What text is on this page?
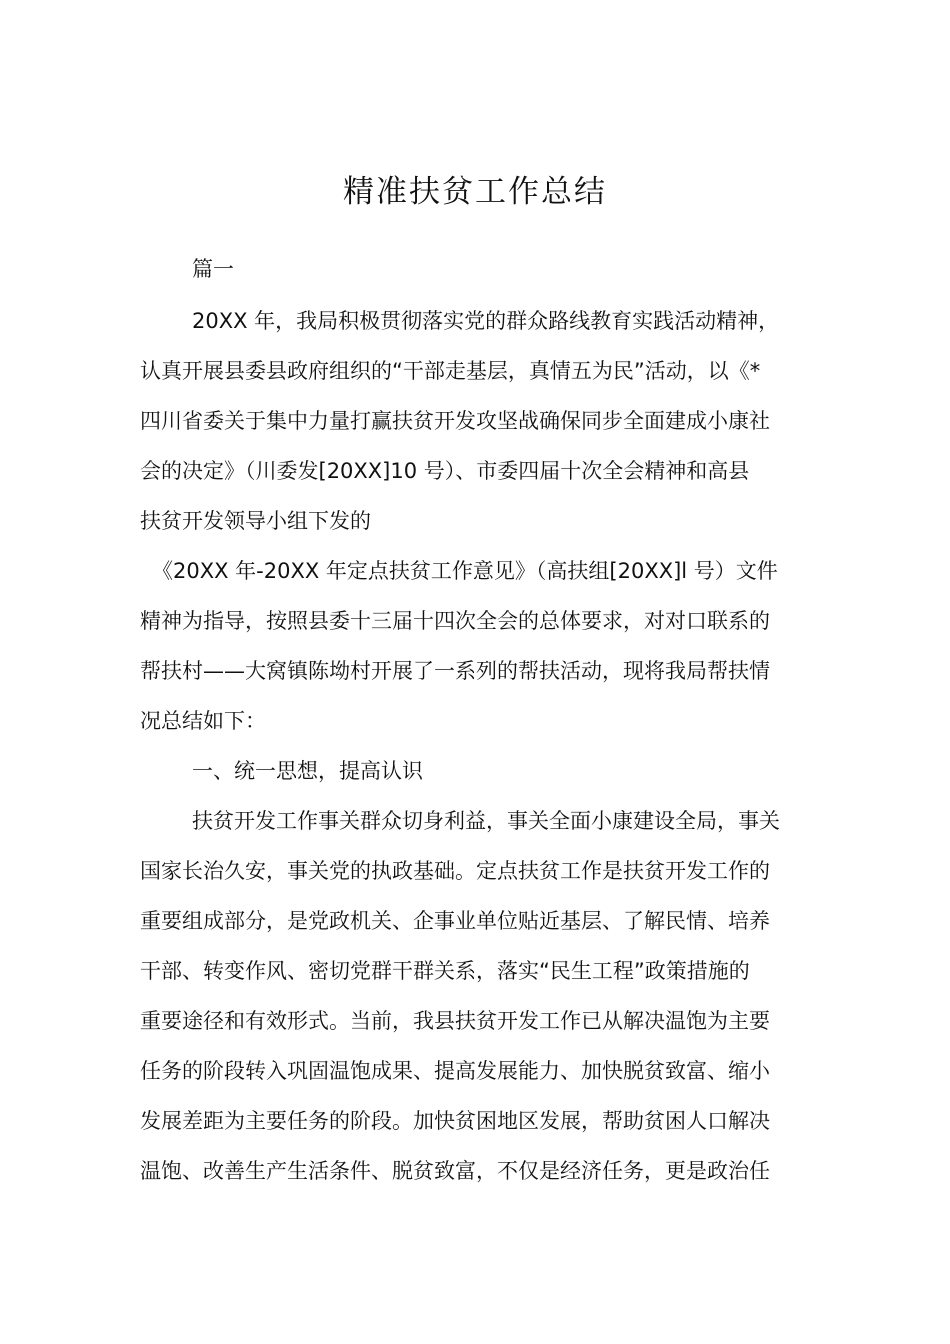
精准扶贫工作总结
篇一
20XX 年，我局积极贯彻落实党的群众路线教育实践活动精神，
认真开展县委县政府组织的“干部走基层，真情五为民”活动，以《*
四川省委关于集中力量打赢扶贫开发攻坚战确保同步全面建成小康社
会的决定》（川委发[20XX]10 号）、市委四届十次全会精神和高县
扶贫开发领导小组下发的
《20XX 年-20XX 年定点扶贫工作意见》（高扶组[20XX]l 号）文件
精神为指导，按照县委十三届十四次全会的总体要求，对对口联系的
帮扶村——大窝镇陈坳村开展了一系列的帮扶活动，现将我局帮扶情
况总结如下：
一、统一思想，提高认识
扶贫开发工作事关群众切身利益，事关全面小康建设全局，事关
国家长治久安，事关党的执政基础。定点扶贫工作是扶贫开发工作的
重要组成部分，是党政机关、企事业单位贴近基层、了解民情、培养
干部、转变作风、密切党群干群关系，落实“民生工程”政策措施的
重要途径和有效形式。当前，我县扶贫开发工作已从解决温饱为主要
任务的阶段转入巩固温饱成果、提高发展能力、加快脱贫致富、缩小
发展差距为主要任务的阶段。加快贫困地区发展，帮助贫困人口解决
温饱、改善生产生活条件、脱贫致富，不仅是经济任务，更是政治任
